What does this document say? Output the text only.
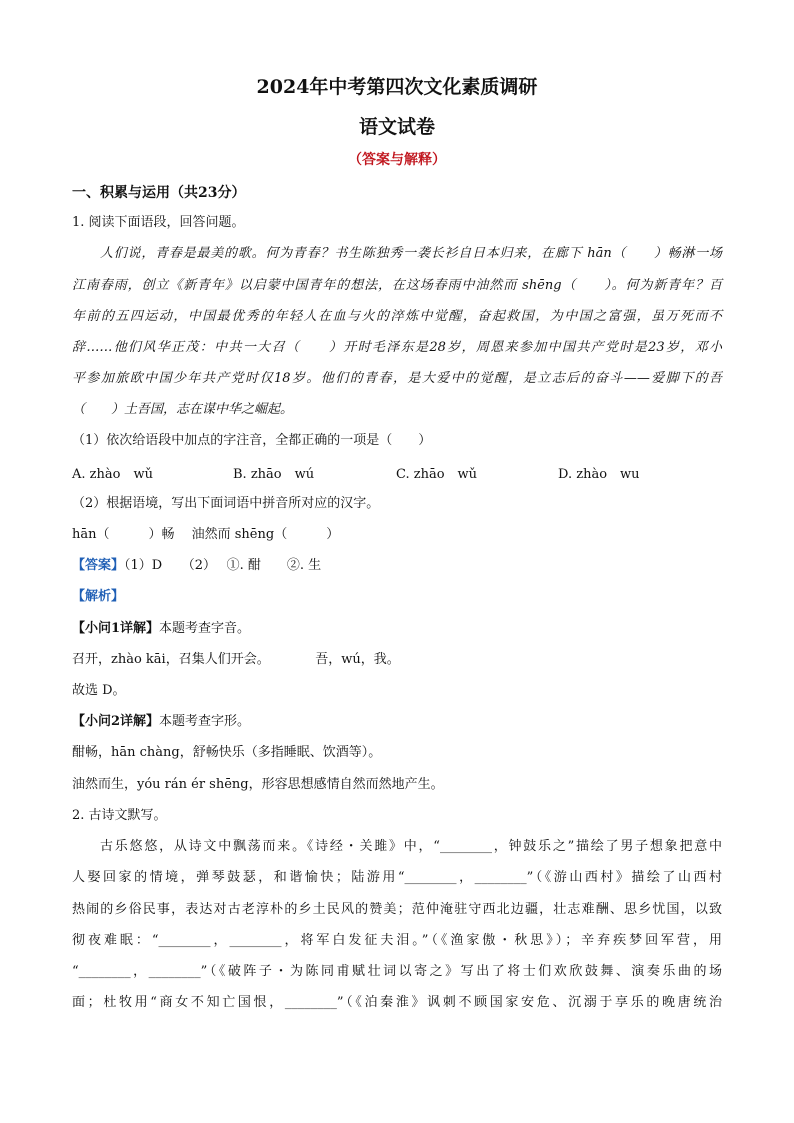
2024年中考第四次文化素质调研
语文试卷
（答案与解释）
一、积累与运用（共23分）
1. 阅读下面语段，回答问题。
人们说，青春是最美的歌。何为青春？书生陈独秀一袭长衫自日本归来，在廊下 hān（　　）畅淋一场
江南春雨，创立《新青年》以启蒙中国青年的想法，在这场春雨中油然而 shēng（　　）。何为新青年？百
年前的五四运动，中国最优秀的年轻人在血与火的淬炼中觉醒，奋起救国，为中国之富强，虽万死而不
辞……他们风华正茂：中共一大召（　　）开时毛泽东是28岁，周恩来参加中国共产党时是23岁，邓小
平参加旅欧中国少年共产党时仅18岁。他们的青春，是大爱中的觉醒，是立志后的奋斗——爱脚下的吾
（　　）土吾国，志在谋中华之崛起。
（1）依次给语段中加点的字注音，全都正确的一项是（　　）
A. zhào　wǔ	B. zhāo　wú	C. zhāo　wǔ	D. zhào　wu
（2）根据语境，写出下面词语中拼音所对应的汉字。
hān（　　　）畅　 油然而 shēng（　　　）
【答案】（1）D　　（2）　 ①. 酣　　②. 生
【解析】
【小问1详解】本题考查字音。
召开，zhào kāi，召集人们开会。　　　　吾，wú，我。
故选 D。
【小问2详解】本题考查字形。
酣畅，hān chàng，舒畅快乐（多指睡眠、饮酒等）。
油然而生，yóu rán ér shēng，形容思想感情自然而然地产生。
2. 古诗文默写。
古乐悠悠，从诗文中飘荡而来。《诗经・关雎》中，“________，钟鼓乐之”描绘了男子想象把意中
人娶回家的情境，弹琴鼓瑟，和谐愉快；陆游用“________，________”（《游山西村》描绘了山西村
热闹的乡俗民事，表达对古老淳朴的乡土民风的赞美；范仲淹驻守西北边疆，壮志难酬、思乡忧国，以致
彻夜难眠：“________，________，将军白发征夫泪。”（《渔家傲・秋思》）；辛弃疾梦回军营，用
“________，________”（《破阵子・为陈同甫赋壮词以寄之》写出了将士们欢欣鼓舞、演奏乐曲的场
面；杜牧用“商女不知亡国恨，________”（《泊秦淮》讽刺不顾国家安危、沉溺于享乐的晚唐统治
